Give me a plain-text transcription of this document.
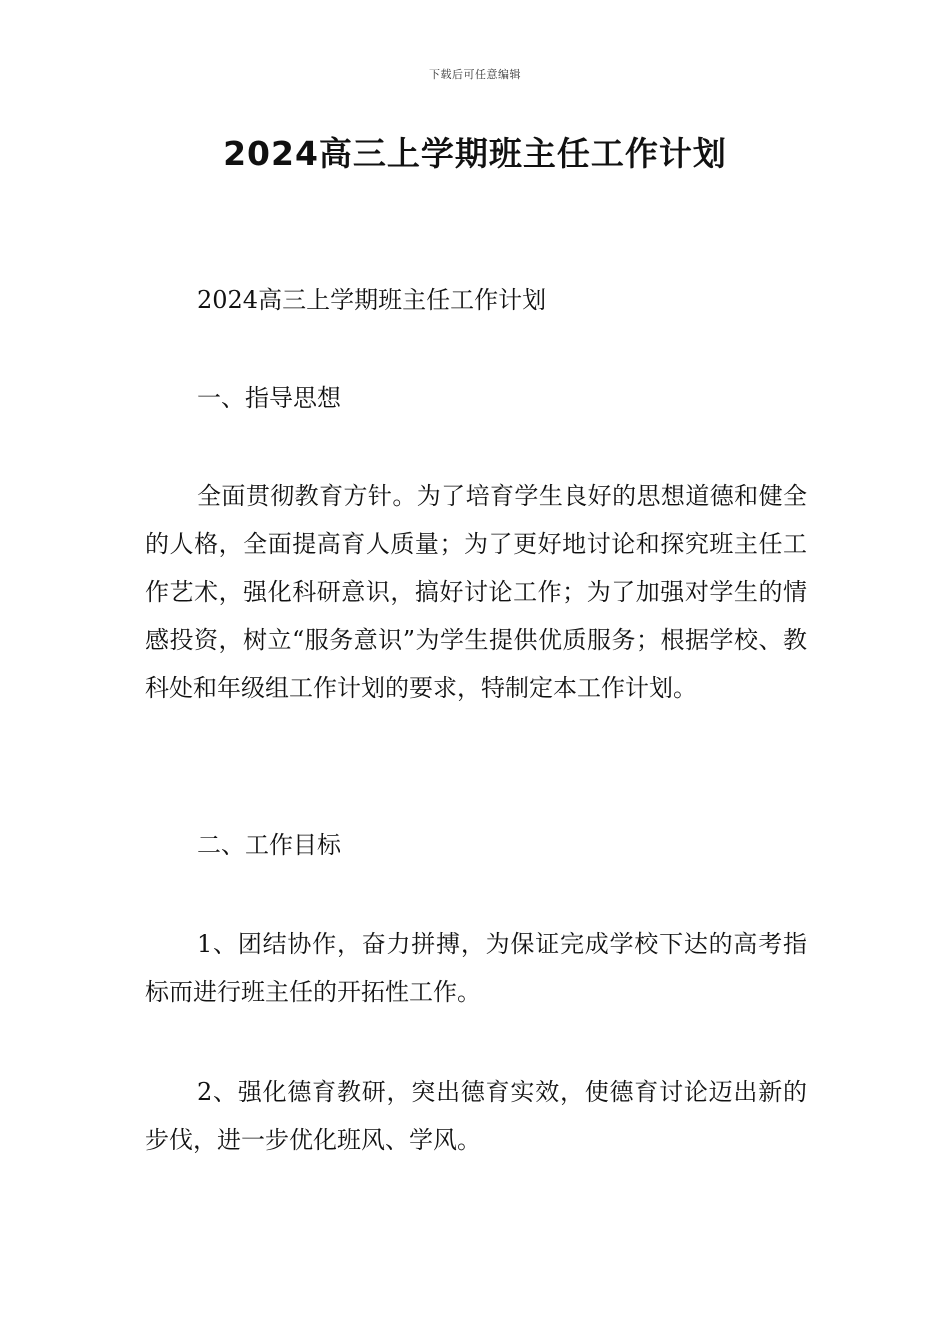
下载后可任意编辑
2024高三上学期班主任工作计划

2024高三上学期班主任工作计划

一、指导思想

全面贯彻教育方针。为了培育学生良好的思想道德和健全的人格，全面提高育人质量；为了更好地讨论和探究班主任工作艺术，强化科研意识，搞好讨论工作；为了加强对学生的情感投资，树立“服务意识”为学生提供优质服务；根据学校、教科处和年级组工作计划的要求，特制定本工作计划。

二、工作目标

1、团结协作，奋力拼搏，为保证完成学校下达的高考指标而进行班主任的开拓性工作。

2、强化德育教研，突出德育实效，使德育讨论迈出新的步伐，进一步优化班风、学风。
